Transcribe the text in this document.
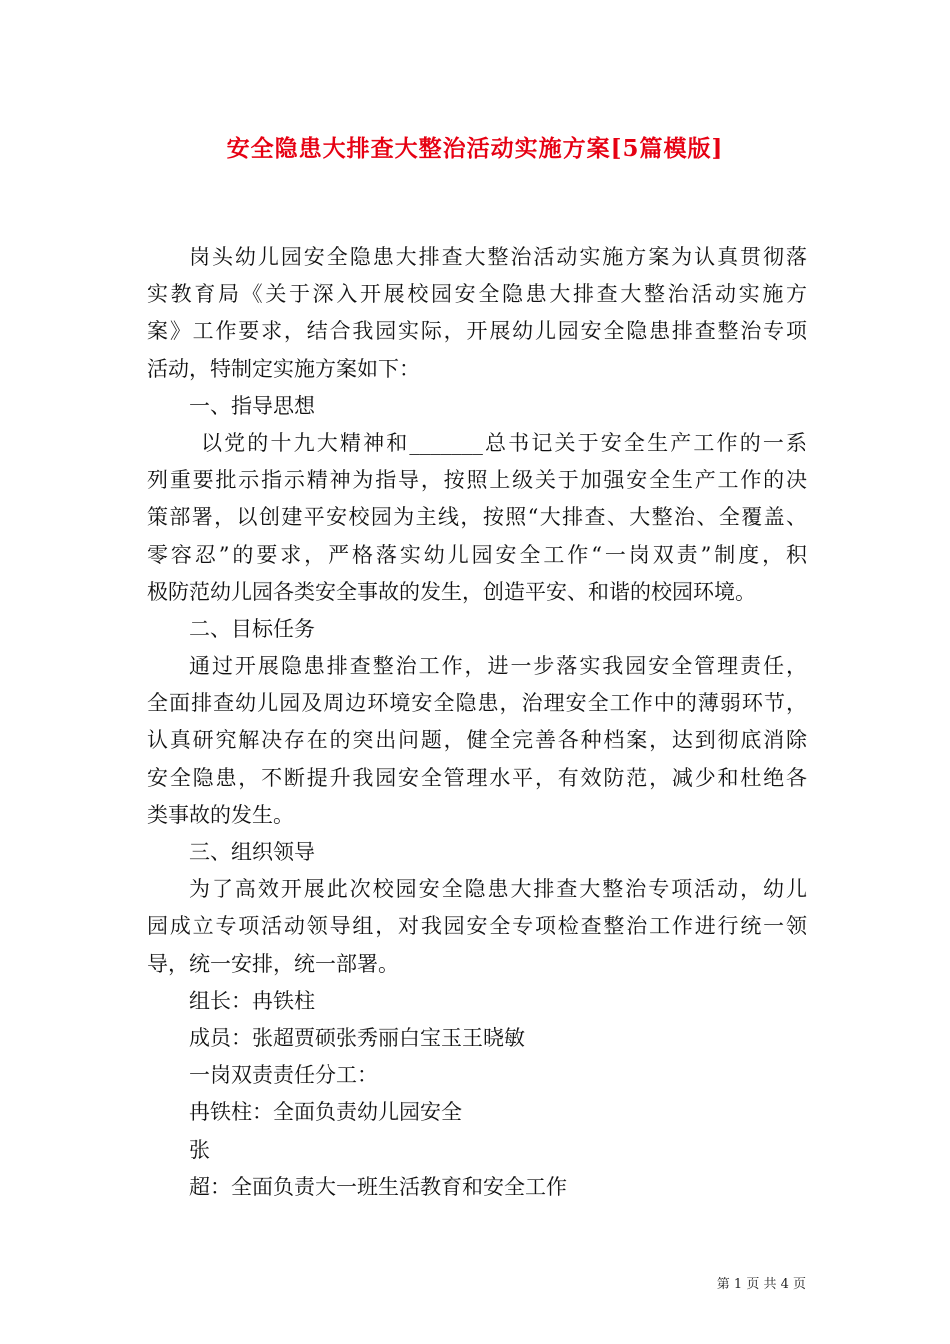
安全隐患大排查大整治活动实施方案[5篇模版]
岗头幼儿园安全隐患大排查大整治活动实施方案为认真贯彻落
实教育局《关于深入开展校园安全隐患大排查大整治活动实施方
案》工作要求，结合我园实际，开展幼儿园安全隐患排查整治专项
活动，特制定实施方案如下：
一、指导思想
以党的十九大精神和_______总书记关于安全生产工作的一系
列重要批示指示精神为指导，按照上级关于加强安全生产工作的决
策部署，以创建平安校园为主线，按照“大排查、大整治、全覆盖、
零容忍”的要求，严格落实幼儿园安全工作“一岗双责”制度，积
极防范幼儿园各类安全事故的发生，创造平安、和谐的校园环境。
二、目标任务
通过开展隐患排查整治工作，进一步落实我园安全管理责任，
全面排查幼儿园及周边环境安全隐患，治理安全工作中的薄弱环节，
认真研究解决存在的突出问题，健全完善各种档案，达到彻底消除
安全隐患，不断提升我园安全管理水平，有效防范，减少和杜绝各
类事故的发生。
三、组织领导
为了高效开展此次校园安全隐患大排查大整治专项活动，幼儿
园成立专项活动领导组，对我园安全专项检查整治工作进行统一领
导，统一安排，统一部署。
组长：冉铁柱
成员：张超贾硕张秀丽白宝玉王晓敏
一岗双责责任分工：
冉铁柱：全面负责幼儿园安全
张
超：全面负责大一班生活教育和安全工作
第 1 页 共 4 页
